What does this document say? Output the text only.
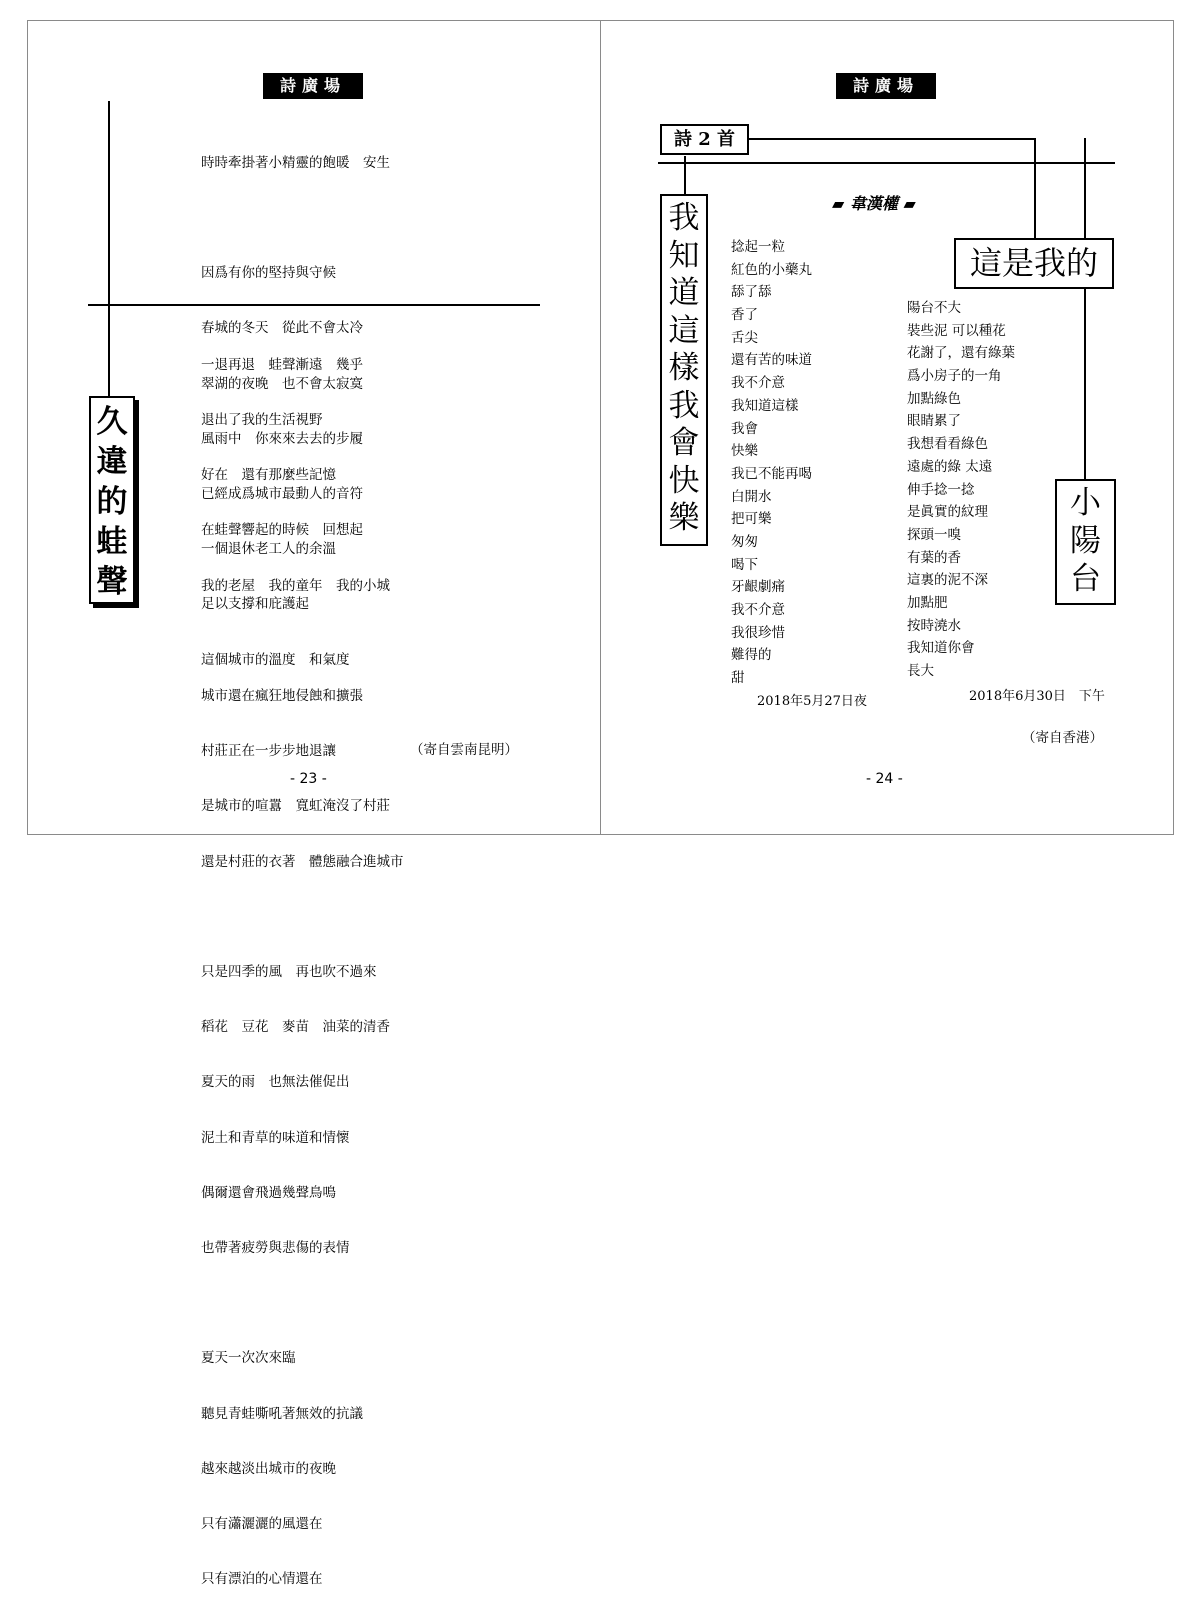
詩廣場
久
違
的
蛙
聲

時時牽掛著小精靈的飽暖　安生

因爲有你的堅持與守候

春城的冬天　從此不會太冷

翠湖的夜晚　也不會太寂寞

風雨中　你來來去去的步履

已經成爲城市最動人的音符

一個退休老工人的余溫

足以支撐和庇護起

這個城市的溫度　和氣度

一退再退　蛙聲漸遠　幾乎

退出了我的生活視野

好在　還有那麼些記憶

在蛙聲響起的時候　回想起

我的老屋　我的童年　我的小城

城市還在瘋狂地侵蝕和擴張

村莊正在一步步地退讓

是城市的喧囂　寬虹淹沒了村莊

還是村莊的衣著　體態融合進城市

只是四季的風　再也吹不過來

稻花　豆花　麥苗　油菜的清香

夏天的雨　也無法催促出

泥土和青草的味道和情懷

偶爾還會飛過幾聲鳥鳴

也帶著疲勞與悲傷的表情

夏天一次次來臨

聽見青蛙嘶吼著無效的抗議

越來越淡出城市的夜晚

只有瀟灑灑的風還在

只有漂泊的心情還在

（寄自雲南昆明）
- 23 -
詩廣場
詩 2 首
▰ 韋漢權 ▰
我
知
道
這
樣
我
會
快
樂
這是我的
小
陽
台
捻起一粒
紅色的小藥丸
舔了舔
香了
舌尖
還有苦的味道
我不介意
我知道這樣
我會
快樂
我已不能再喝
白開水
把可樂
匆匆
喝下
牙齦劇痛
我不介意
我很珍惜
難得的
甜
2018年5月27日夜
陽台不大
裝些泥 可以種花
花謝了，還有綠葉
爲小房子的一角
加點綠色
眼睛累了
我想看看綠色
遠處的綠 太遠
伸手捻一捻
是眞實的紋理
探頭一嗅
有葉的香
這裏的泥不深
加點肥
按時澆水
我知道你會
長大
2018年6月30日　下午
（寄自香港）
- 24 -
